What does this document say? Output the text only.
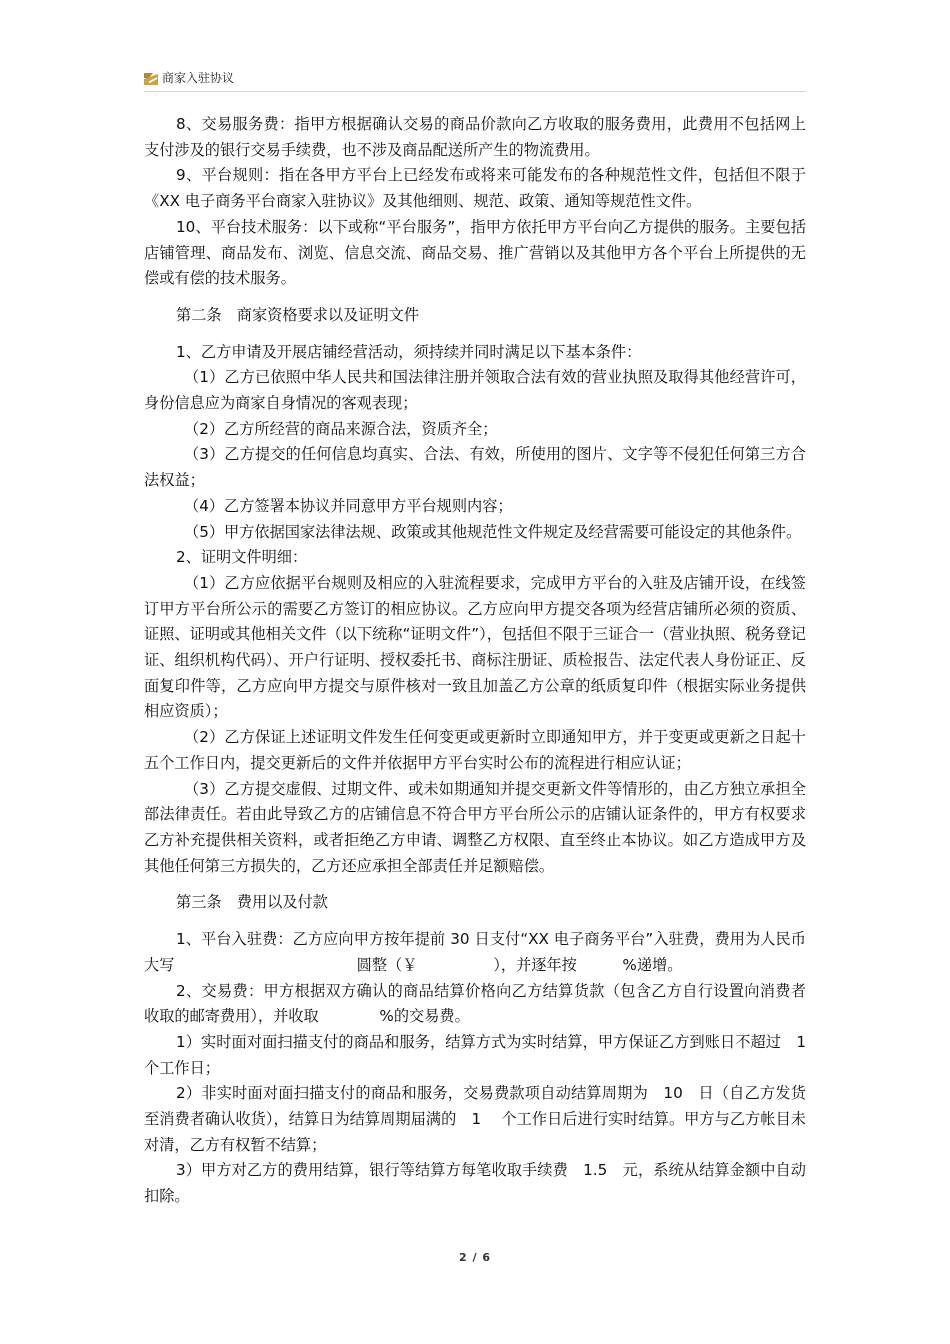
商家入驻协议

8、交易服务费：指甲方根据确认交易的商品价款向乙方收取的服务费用，此费用不包括网上支付涉及的银行交易手续费，也不涉及商品配送所产生的物流费用。

9、平台规则：指在各甲方平台上已经发布或将来可能发布的各种规范性文件，包括但不限于《XX 电子商务平台商家入驻协议》及其他细则、规范、政策、通知等规范性文件。

10、平台技术服务：以下或称“平台服务”，指甲方依托甲方平台向乙方提供的服务。主要包括店铺管理、商品发布、浏览、信息交流、商品交易、推广营销以及其他甲方各个平台上所提供的无偿或有偿的技术服务。

第二条　商家资格要求以及证明文件

1、乙方申请及开展店铺经营活动，须持续并同时满足以下基本条件：

（1）乙方已依照中华人民共和国法律注册并领取合法有效的营业执照及取得其他经营许可，身份信息应为商家自身情况的客观表现；

（2）乙方所经营的商品来源合法，资质齐全；

（3）乙方提交的任何信息均真实、合法、有效，所使用的图片、文字等不侵犯任何第三方合法权益；

（4）乙方签署本协议并同意甲方平台规则内容；

（5）甲方依据国家法律法规、政策或其他规范性文件规定及经营需要可能设定的其他条件。

2、证明文件明细：

（1）乙方应依据平台规则及相应的入驻流程要求，完成甲方平台的入驻及店铺开设，在线签订甲方平台所公示的需要乙方签订的相应协议。乙方应向甲方提交各项为经营店铺所必须的资质、证照、证明或其他相关文件（以下统称“证明文件”），包括但不限于三证合一（营业执照、税务登记证、组织机构代码）、开户行证明、授权委托书、商标注册证、质检报告、法定代表人身份证正、反面复印件等，乙方应向甲方提交与原件核对一致且加盖乙方公章的纸质复印件（根据实际业务提供相应资质）；

（2）乙方保证上述证明文件发生任何变更或更新时立即通知甲方，并于变更或更新之日起十五个工作日内，提交更新后的文件并依据甲方平台实时公布的流程进行相应认证；

（3）乙方提交虚假、过期文件、或未如期通知并提交更新文件等情形的，由乙方独立承担全部法律责任。若由此导致乙方的店铺信息不符合甲方平台所公示的店铺认证条件的，甲方有权要求乙方补充提供相关资料，或者拒绝乙方申请、调整乙方权限、直至终止本协议。如乙方造成甲方及其他任何第三方损失的，乙方还应承担全部责任并足额赔偿。

第三条　费用以及付款

1、平台入驻费：乙方应向甲方按年提前 30 日支付“XX 电子商务平台”入驻费，费用为人民币大写　　　　　　　　　　　　圆整（￥　　　　　），并逐年按　　　%递增。

2、交易费：甲方根据双方确认的商品结算价格向乙方结算货款（包含乙方自行设置向消费者收取的邮寄费用），并收取　　　　%的交易费。

1）实时面对面扫描支付的商品和服务，结算方式为实时结算，甲方保证乙方到账日不超过　1　 个工作日；

2）非实时面对面扫描支付的商品和服务，交易费款项自动结算周期为　10　日（自乙方发货至消费者确认收货），结算日为结算周期届满的　1　 个工作日后进行实时结算。甲方与乙方帐目未对清，乙方有权暂不结算；

3）甲方对乙方的费用结算，银行等结算方每笔收取手续费　1.5　元，系统从结算金额中自动扣除。

2 / 6
